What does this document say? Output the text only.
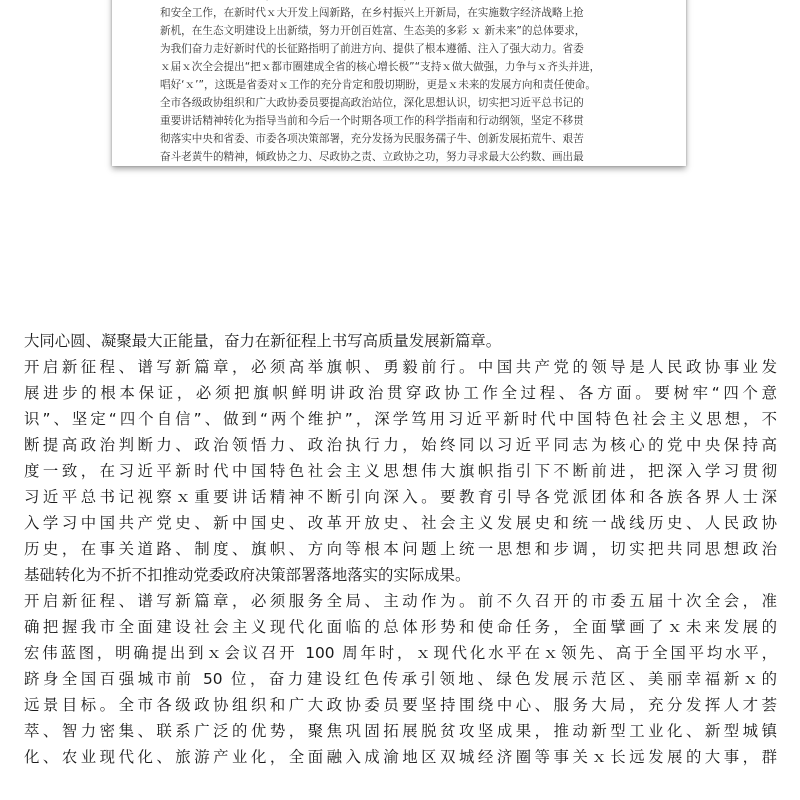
和安全工作，在新时代ｘ大开发上闯新路，在乡村振兴上开新局，在实施数字经济战略上抢
新机，在生态文明建设上出新绩，努力开创百姓富、生态美的多彩 ｘ 新未来”的总体要求，
为我们奋力走好新时代的长征路指明了前进方向、提供了根本遵循、注入了强大动力。省委
ｘ届ｘ次全会提出“把ｘ都市圈建成全省的核心增长极”“支持ｘ做大做强，力争与ｘ齐头并进，
唱好‘ｘ’”，这既是省委对ｘ工作的充分肯定和殷切期盼，更是ｘ未来的发展方向和责任使命。
全市各级政协组织和广大政协委员要提高政治站位，深化思想认识，切实把习近平总书记的
重要讲话精神转化为指导当前和今后一个时期各项工作的科学指南和行动纲领，坚定不移贯
彻落实中央和省委、市委各项决策部署，充分发扬为民服务孺子牛、创新发展拓荒牛、艰苦
奋斗老黄牛的精神，倾政协之力、尽政协之责、立政协之功，努力寻求最大公约数、画出最

大同心圆、凝聚最大正能量，奋力在新征程上书写高质量发展新篇章。

开启新征程、谱写新篇章，必须高举旗帜、勇毅前行。中国共产党的领导是人民政协事业发
展进步的根本保证，必须把旗帜鲜明讲政治贯穿政协工作全过程、各方面。要树牢“四个意
识”、坚定“四个自信”、做到“两个维护”，深学笃用习近平新时代中国特色社会主义思想，不
断提高政治判断力、政治领悟力、政治执行力，始终同以习近平同志为核心的党中央保持高
度一致，在习近平新时代中国特色社会主义思想伟大旗帜指引下不断前进，把深入学习贯彻
习近平总书记视察ｘ重要讲话精神不断引向深入。要教育引导各党派团体和各族各界人士深
入学习中国共产党史、新中国史、改革开放史、社会主义发展史和统一战线历史、人民政协
历史，在事关道路、制度、旗帜、方向等根本问题上统一思想和步调，切实把共同思想政治
基础转化为不折不扣推动党委政府决策部署落地落实的实际成果。

开启新征程、谱写新篇章，必须服务全局、主动作为。前不久召开的市委五届十次全会，准
确把握我市全面建设社会主义现代化面临的总体形势和使命任务，全面擘画了ｘ未来发展的
宏伟蓝图，明确提出到ｘ会议召开 100 周年时，ｘ现代化水平在ｘ领先、高于全国平均水平，
跻身全国百强城市前 50 位，奋力建设红色传承引领地、绿色发展示范区、美丽幸福新ｘ的
远景目标。全市各级政协组织和广大政协委员要坚持围绕中心、服务大局，充分发挥人才荟
萃、智力密集、联系广泛的优势，聚焦巩固拓展脱贫攻坚成果，推动新型工业化、新型城镇
化、农业现代化、旅游产业化，全面融入成渝地区双城经济圈等事关ｘ长远发展的大事，群
